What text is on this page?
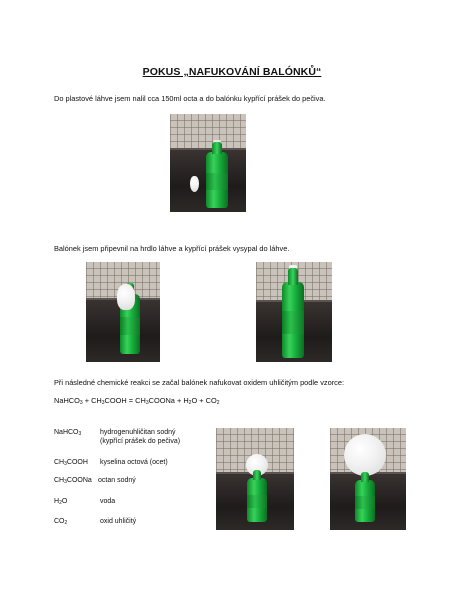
POKUS „NAFUKOVÁNÍ BALÓNKŮ“
Do plastové láhve jsem nalil cca 150ml octa a do balónku kypřící prášek do pečiva.
Balónek jsem připevnil na hrdlo láhve a kypřící prášek vysypal do láhve.
Při následné chemické reakci se začal balónek nafukovat oxidem uhličitým podle vzorce:
NaHCO$_3$ + $CH_3COOH$ = $CH_3COONa + H_2O + CO_2$
NaHCO$_3$	hydrogenuhličitan sodný
(kypřící prášek do pečiva)
$CH_3COOH$ kyselina octová (ocet)
$CH_3COONa$ octan sodný
$H_2O$	voda
$CO_2$	oxid uhličitý
